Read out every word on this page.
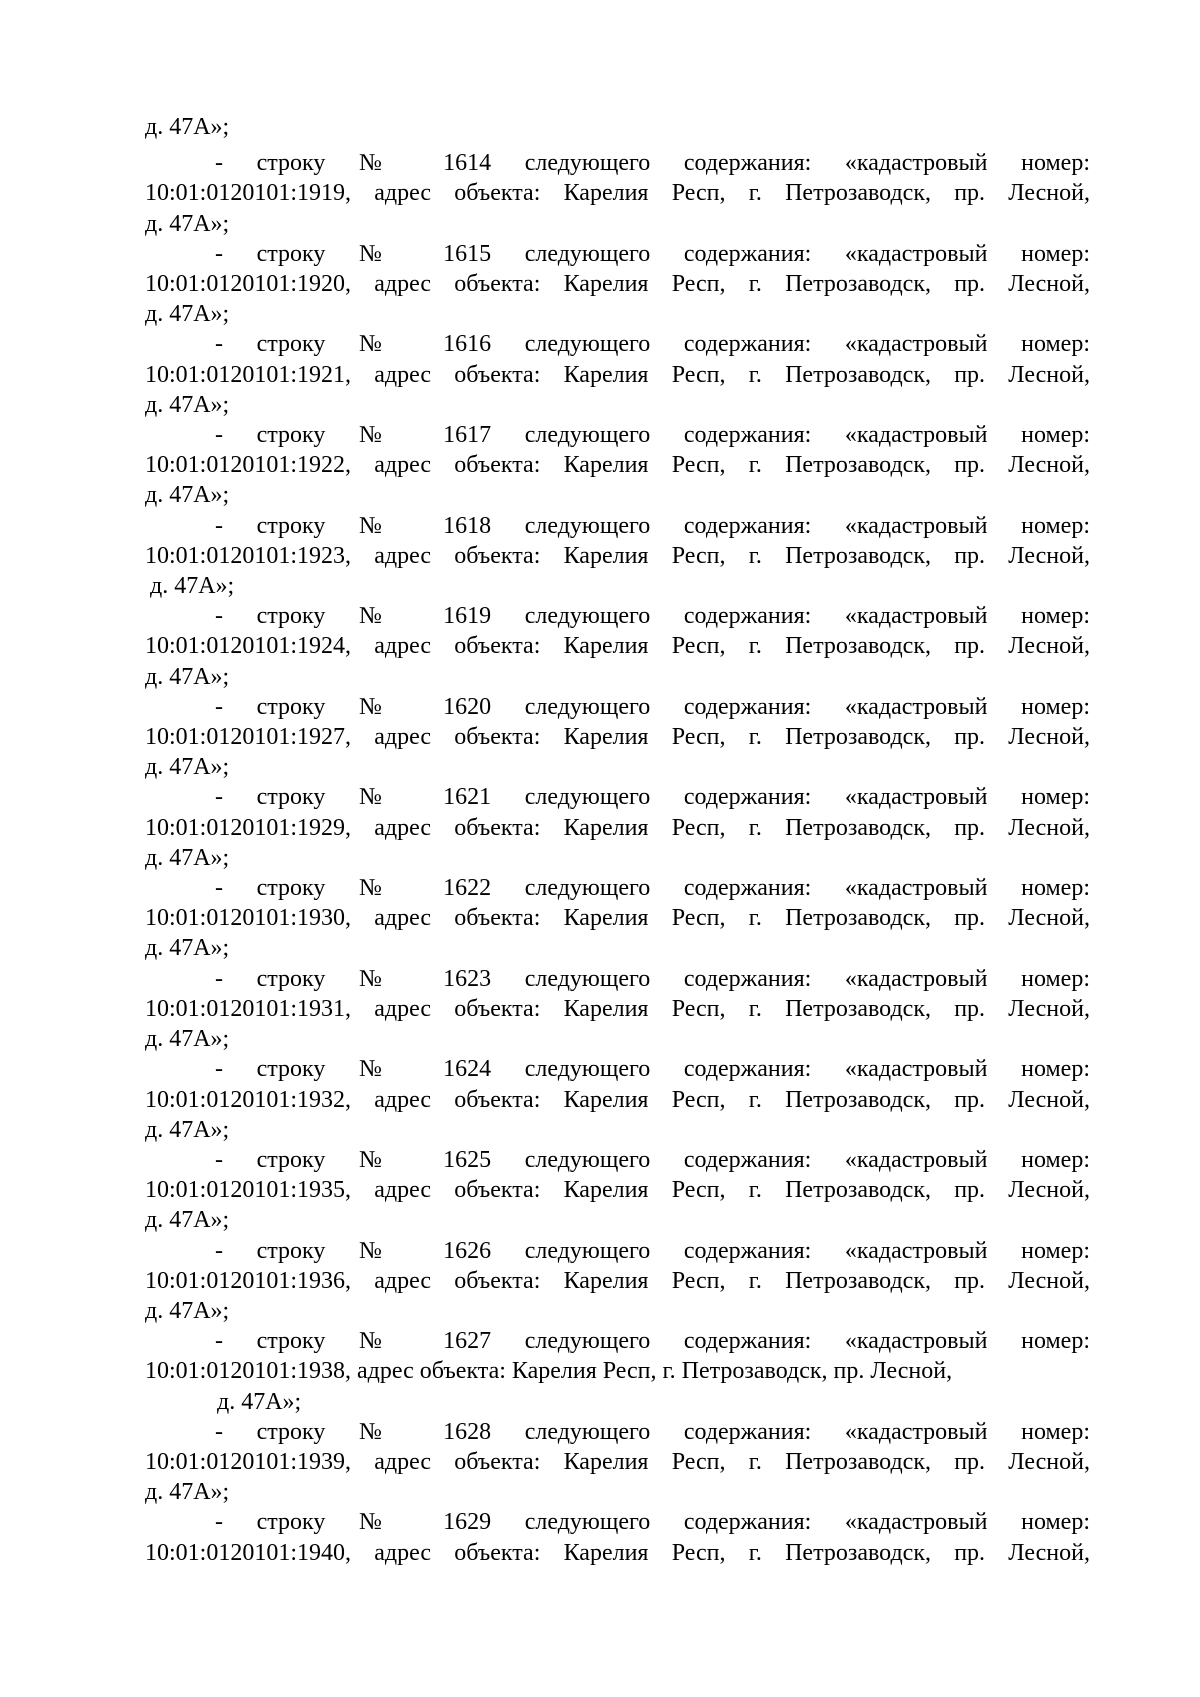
д. 47А»;
- строку № 1614 следующего содержания: «кадастровый номер:
10:01:0120101:1919, адрес объекта: Карелия Респ, г. Петрозаводск, пр. Лесной,
д. 47А»;
- строку № 1615 следующего содержания: «кадастровый номер:
10:01:0120101:1920, адрес объекта: Карелия Респ, г. Петрозаводск, пр. Лесной,
д. 47А»;
- строку № 1616 следующего содержания: «кадастровый номер:
10:01:0120101:1921, адрес объекта: Карелия Респ, г. Петрозаводск, пр. Лесной,
д. 47А»;
- строку № 1617 следующего содержания: «кадастровый номер:
10:01:0120101:1922, адрес объекта: Карелия Респ, г. Петрозаводск, пр. Лесной,
д. 47А»;
- строку № 1618 следующего содержания: «кадастровый номер:
10:01:0120101:1923, адрес объекта: Карелия Респ, г. Петрозаводск, пр. Лесной,
д. 47А»;
- строку № 1619 следующего содержания: «кадастровый номер:
10:01:0120101:1924, адрес объекта: Карелия Респ, г. Петрозаводск, пр. Лесной,
д. 47А»;
- строку № 1620 следующего содержания: «кадастровый номер:
10:01:0120101:1927, адрес объекта: Карелия Респ, г. Петрозаводск, пр. Лесной,
д. 47А»;
- строку № 1621 следующего содержания: «кадастровый номер:
10:01:0120101:1929, адрес объекта: Карелия Респ, г. Петрозаводск, пр. Лесной,
д. 47А»;
- строку № 1622 следующего содержания: «кадастровый номер:
10:01:0120101:1930, адрес объекта: Карелия Респ, г. Петрозаводск, пр. Лесной,
д. 47А»;
- строку № 1623 следующего содержания: «кадастровый номер:
10:01:0120101:1931, адрес объекта: Карелия Респ, г. Петрозаводск, пр. Лесной,
д. 47А»;
- строку № 1624 следующего содержания: «кадастровый номер:
10:01:0120101:1932, адрес объекта: Карелия Респ, г. Петрозаводск, пр. Лесной,
д. 47А»;
- строку № 1625 следующего содержания: «кадастровый номер:
10:01:0120101:1935, адрес объекта: Карелия Респ, г. Петрозаводск, пр. Лесной,
д. 47А»;
- строку № 1626 следующего содержания: «кадастровый номер:
10:01:0120101:1936, адрес объекта: Карелия Респ, г. Петрозаводск, пр. Лесной,
д. 47А»;
- строку № 1627 следующего содержания: «кадастровый номер:
10:01:0120101:1938, адрес объекта: Карелия Респ, г. Петрозаводск, пр. Лесной,
д. 47А»;
- строку № 1628 следующего содержания: «кадастровый номер:
10:01:0120101:1939, адрес объекта: Карелия Респ, г. Петрозаводск, пр. Лесной,
д. 47А»;
- строку № 1629 следующего содержания: «кадастровый номер:
10:01:0120101:1940, адрес объекта: Карелия Респ, г. Петрозаводск, пр. Лесной,
